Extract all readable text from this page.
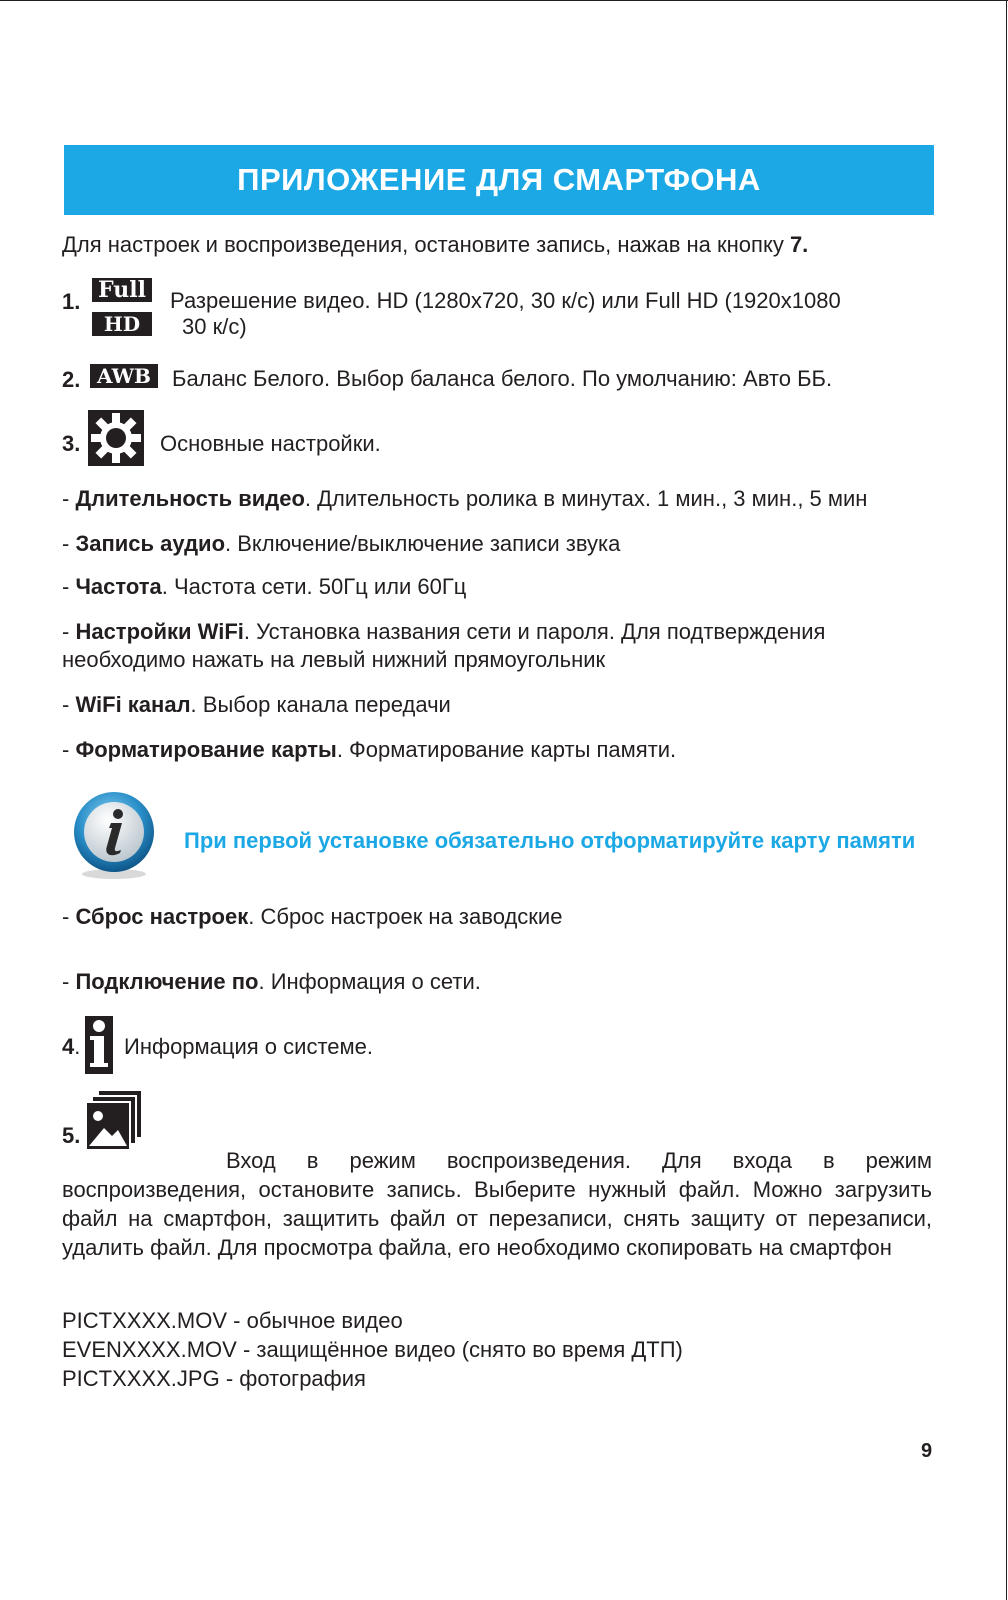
ПРИЛОЖЕНИЕ ДЛЯ СМАРТФОНА
Для настроек и воспроизведения, остановите запись, нажав на кнопку 7.
1. Full
HD
Разрешение видео. HD (1280x720, 30 к/с) или Full HD (1920x1080
30 к/с)
2. AWB Баланс Белого. Выбор баланса белого. По умолчанию: Авто ББ.
3.	Основные настройки.
- Длительность видео. Длительность ролика в минутах. 1 мин., 3 мин., 5 мин
- Запись аудио. Включение/выключение записи звука
- Частота. Частота сети. 50Гц или 60Гц
- Настройки WiFi. Установка названия сети и пароля. Для подтверждения
необходимо нажать на левый нижний прямоугольник
- WiFi канал. Выбор канала передачи
- Форматирование карты. Форматирование карты памяти.
При первой установке обязательно отформатируйте карту памяти
- Сброс настроек. Сброс настроек на заводские
- Подключение по. Информация о сети.
4. Информация о системе.
5.
Вход в режим воспроизведения. Для входа в режим воспроизведения, остановите запись. Выберите нужный файл. Можно загрузить файл на смартфон, защитить файл от перезаписи, снять защиту от перезаписи, удалить файл. Для просмотра файла, его необходимо скопировать на смартфон
PICTXXXX.MOV - обычное видео
EVENXXXX.MOV - защищённое видео (снято во время ДТП)
PICTXXXX.JPG - фотография
9
